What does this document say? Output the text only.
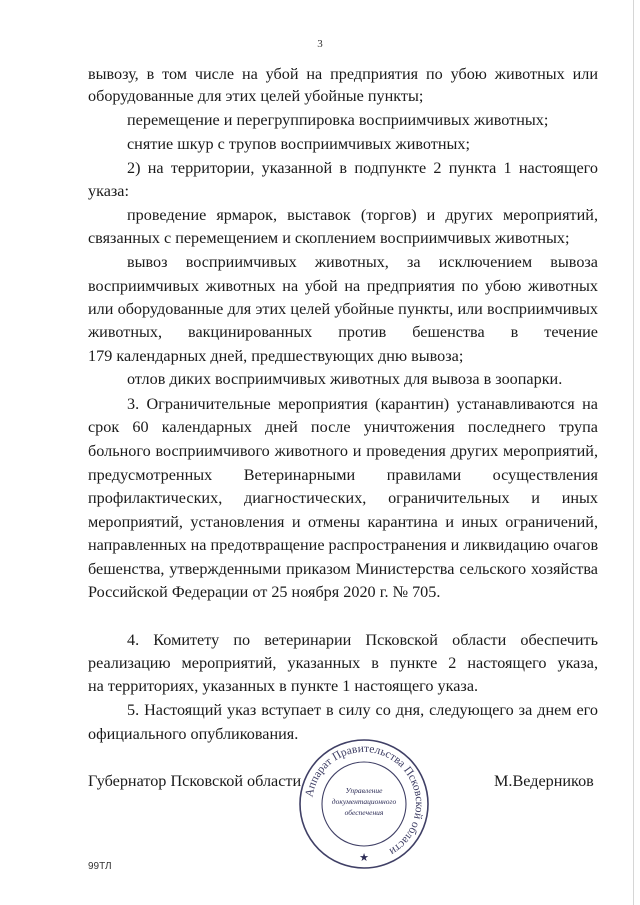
3
вывозу, в том числе на убой на предприятия по убою животных или
оборудованные для этих целей убойные пункты;
перемещение и перегруппировка восприимчивых животных;
снятие шкур с трупов восприимчивых животных;
2) на территории, указанной в подпункте 2 пункта 1 настоящего
указа:
проведение ярмарок, выставок (торгов) и других мероприятий,
связанных с перемещением и скоплением восприимчивых животных;
вывоз восприимчивых животных, за исключением вывоза
восприимчивых животных на убой на предприятия по убою животных
или оборудованные для этих целей убойные пункты, или восприимчивых
животных, вакцинированных против бешенства в течение
179 календарных дней, предшествующих дню вывоза;
отлов диких восприимчивых животных для вывоза в зоопарки.
3. Ограничительные мероприятия (карантин) устанавливаются на
срок 60 календарных дней после уничтожения последнего трупа
больного восприимчивого животного и проведения других мероприятий,
предусмотренных Ветеринарными правилами осуществления
профилактических, диагностических, ограничительных и иных
мероприятий, установления и отмены карантина и иных ограничений,
направленных на предотвращение распространения и ликвидацию очагов
бешенства, утвержденными приказом Министерства сельского хозяйства
Российской Федерации от 25 ноября 2020 г. № 705.
4. Комитету по ветеринарии Псковской области обеспечить
реализацию мероприятий, указанных в пункте 2 настоящего указа,
на территориях, указанных в пункте 1 настоящего указа.
5. Настоящий указ вступает в силу со дня, следующего за днем его
официального опубликования.
Губернатор Псковской области	М.Ведерников
Аппарат Правительства Псковской области
Управление
документационного
обеспечения
★
99ТЛ
